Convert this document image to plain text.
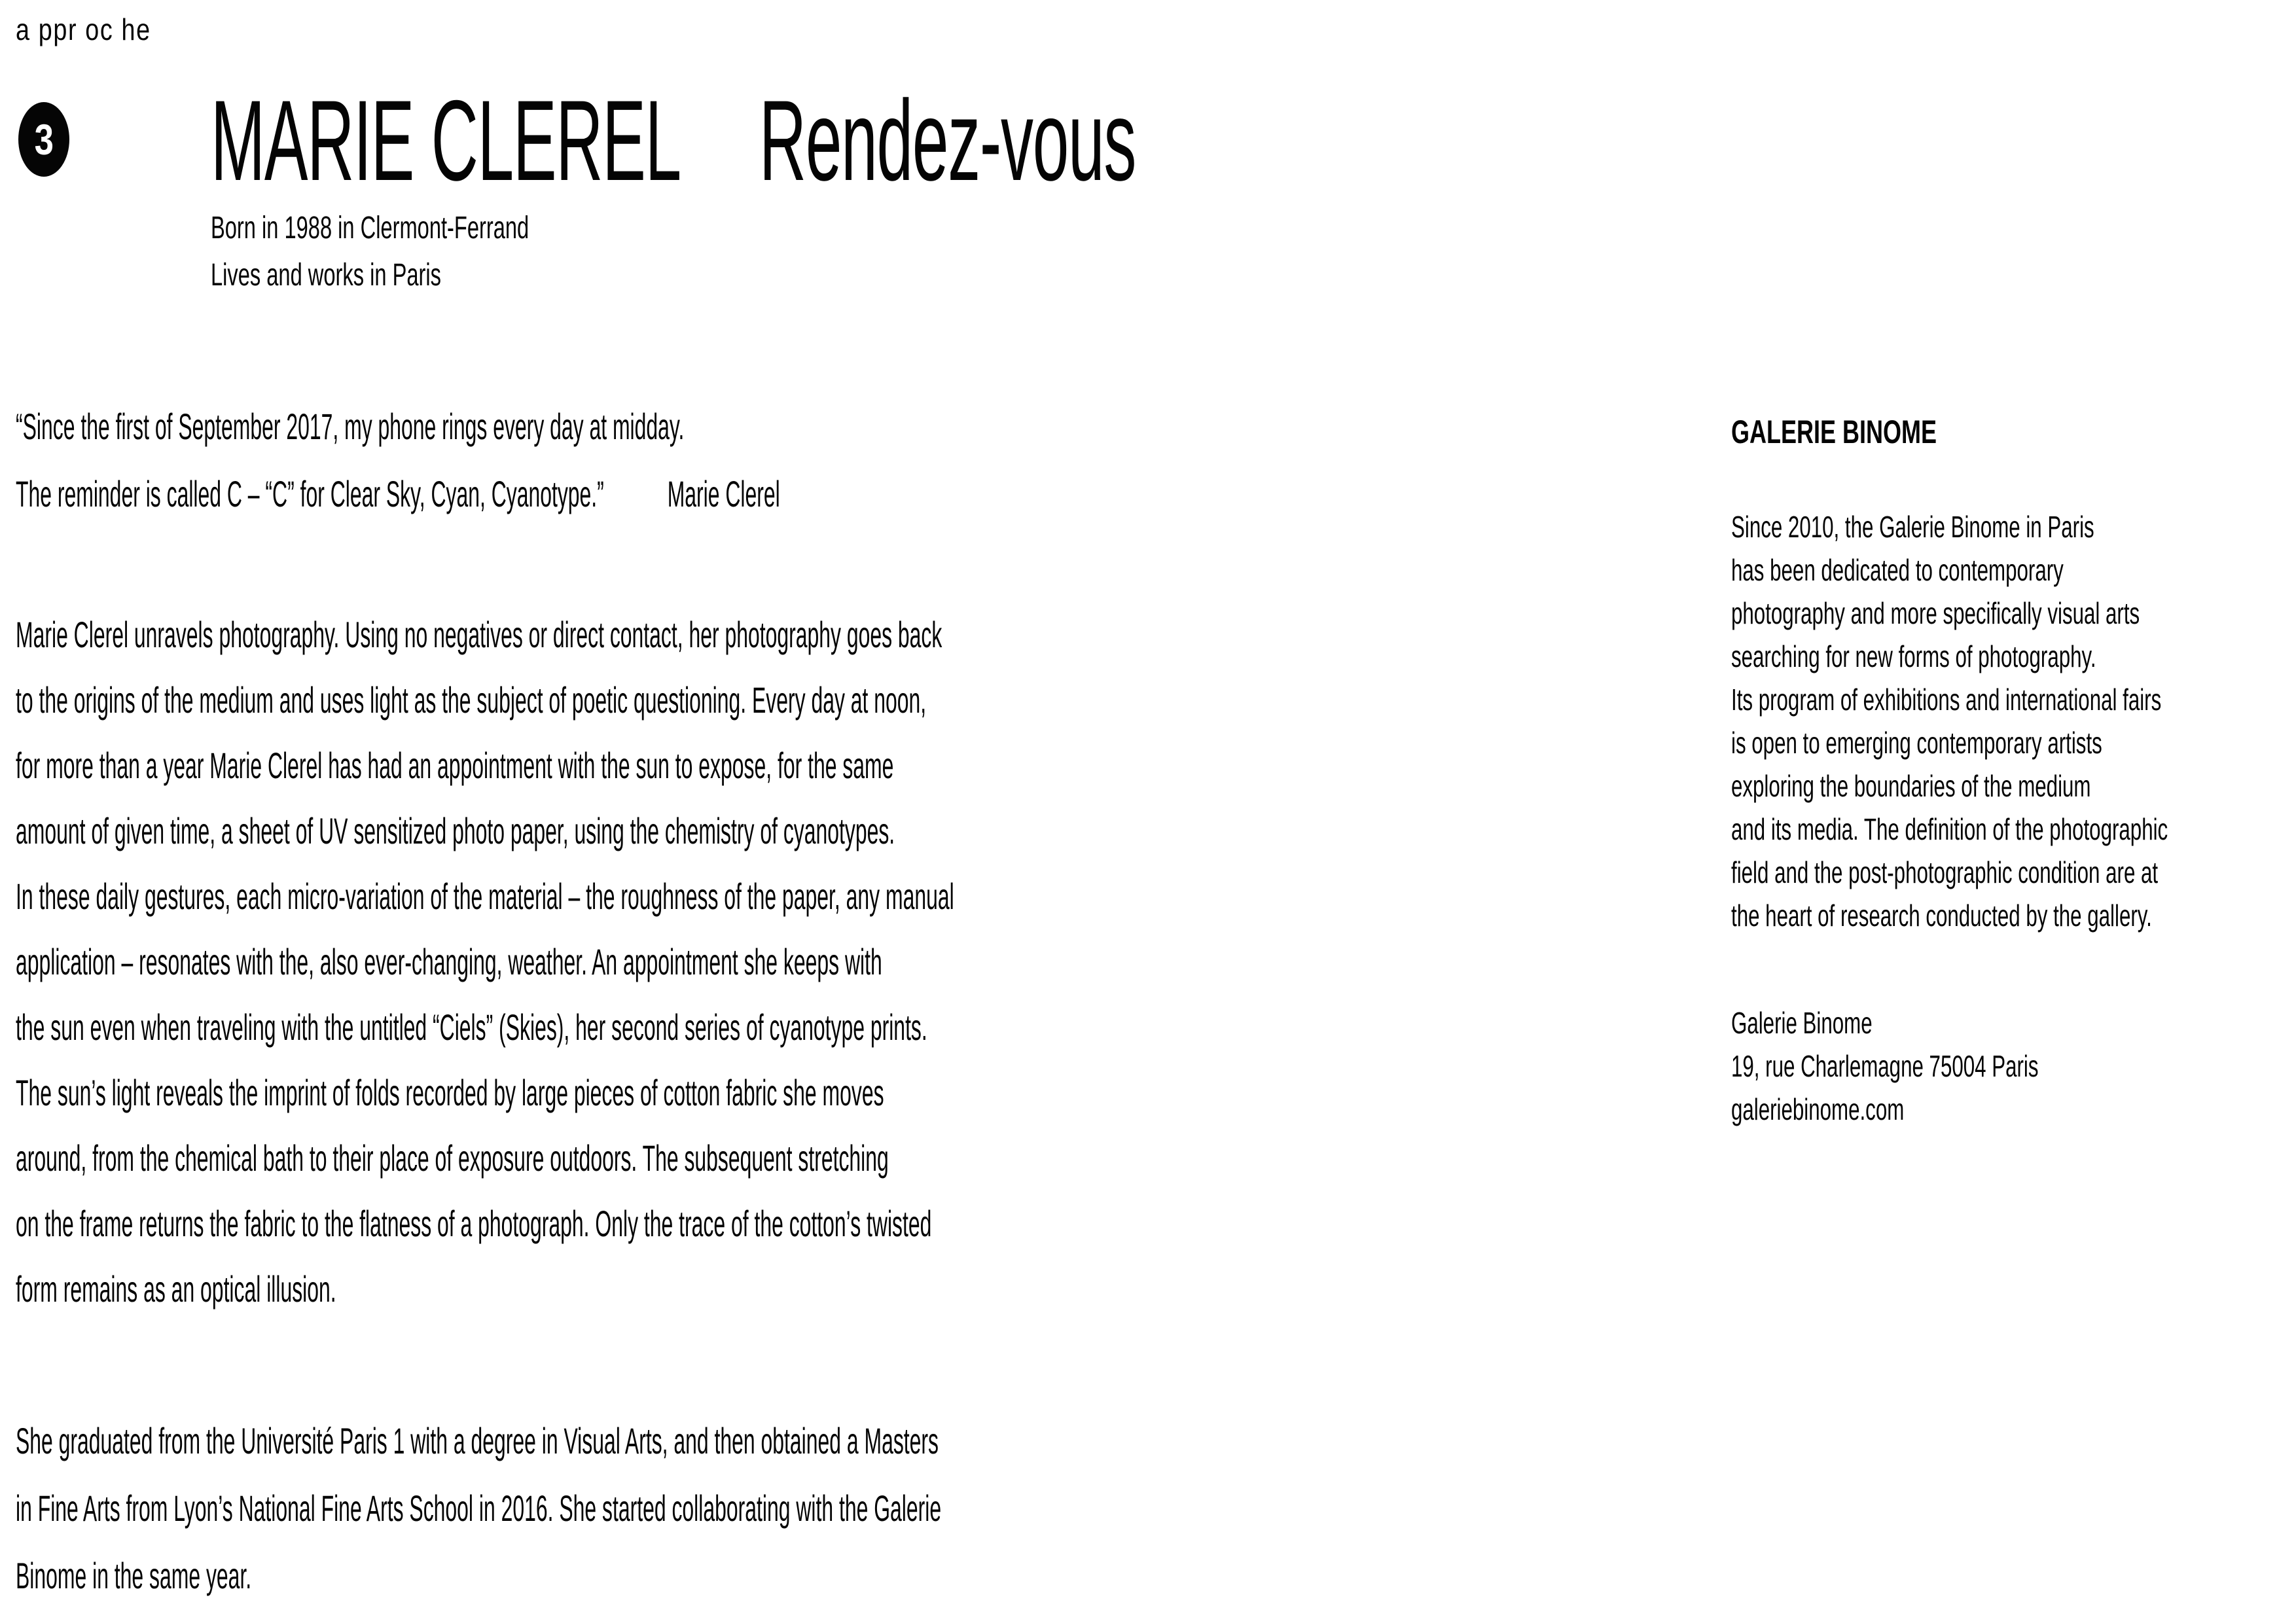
a ppr oc he
3 MARIE CLEREL Rendez-vous
Born in 1988 in Clermont-Ferrand
Lives and works in Paris
“Since the first of September 2017, my phone rings every day at midday.
The reminder is called C – “C” for Clear Sky, Cyan, Cyanotype.” Marie Clerel
Marie Clerel unravels photography. Using no negatives or direct contact, her photography goes back
to the origins of the medium and uses light as the subject of poetic questioning. Every day at noon,
for more than a year Marie Clerel has had an appointment with the sun to expose, for the same
amount of given time, a sheet of UV sensitized photo paper, using the chemistry of cyanotypes.
In these daily gestures, each micro-variation of the material – the roughness of the paper, any manual
application – resonates with the, also ever-changing, weather. An appointment she keeps with
the sun even when traveling with the untitled “Ciels” (Skies), her second series of cyanotype prints.
The sun’s light reveals the imprint of folds recorded by large pieces of cotton fabric she moves
around, from the chemical bath to their place of exposure outdoors. The subsequent stretching
on the frame returns the fabric to the flatness of a photograph. Only the trace of the cotton’s twisted
form remains as an optical illusion.
She graduated from the Université Paris 1 with a degree in Visual Arts, and then obtained a Masters
in Fine Arts from Lyon’s National Fine Arts School in 2016. She started collaborating with the Galerie
Binome in the same year.
GALERIE BINOME
Since 2010, the Galerie Binome in Paris
has been dedicated to contemporary
photography and more specifically visual arts
searching for new forms of photography.
Its program of exhibitions and international fairs
is open to emerging contemporary artists
exploring the boundaries of the medium
and its media. The definition of the photographic
field and the post-photographic condition are at
the heart of research conducted by the gallery.
Galerie Binome
19, rue Charlemagne 75004 Paris
galeriebinome.com
